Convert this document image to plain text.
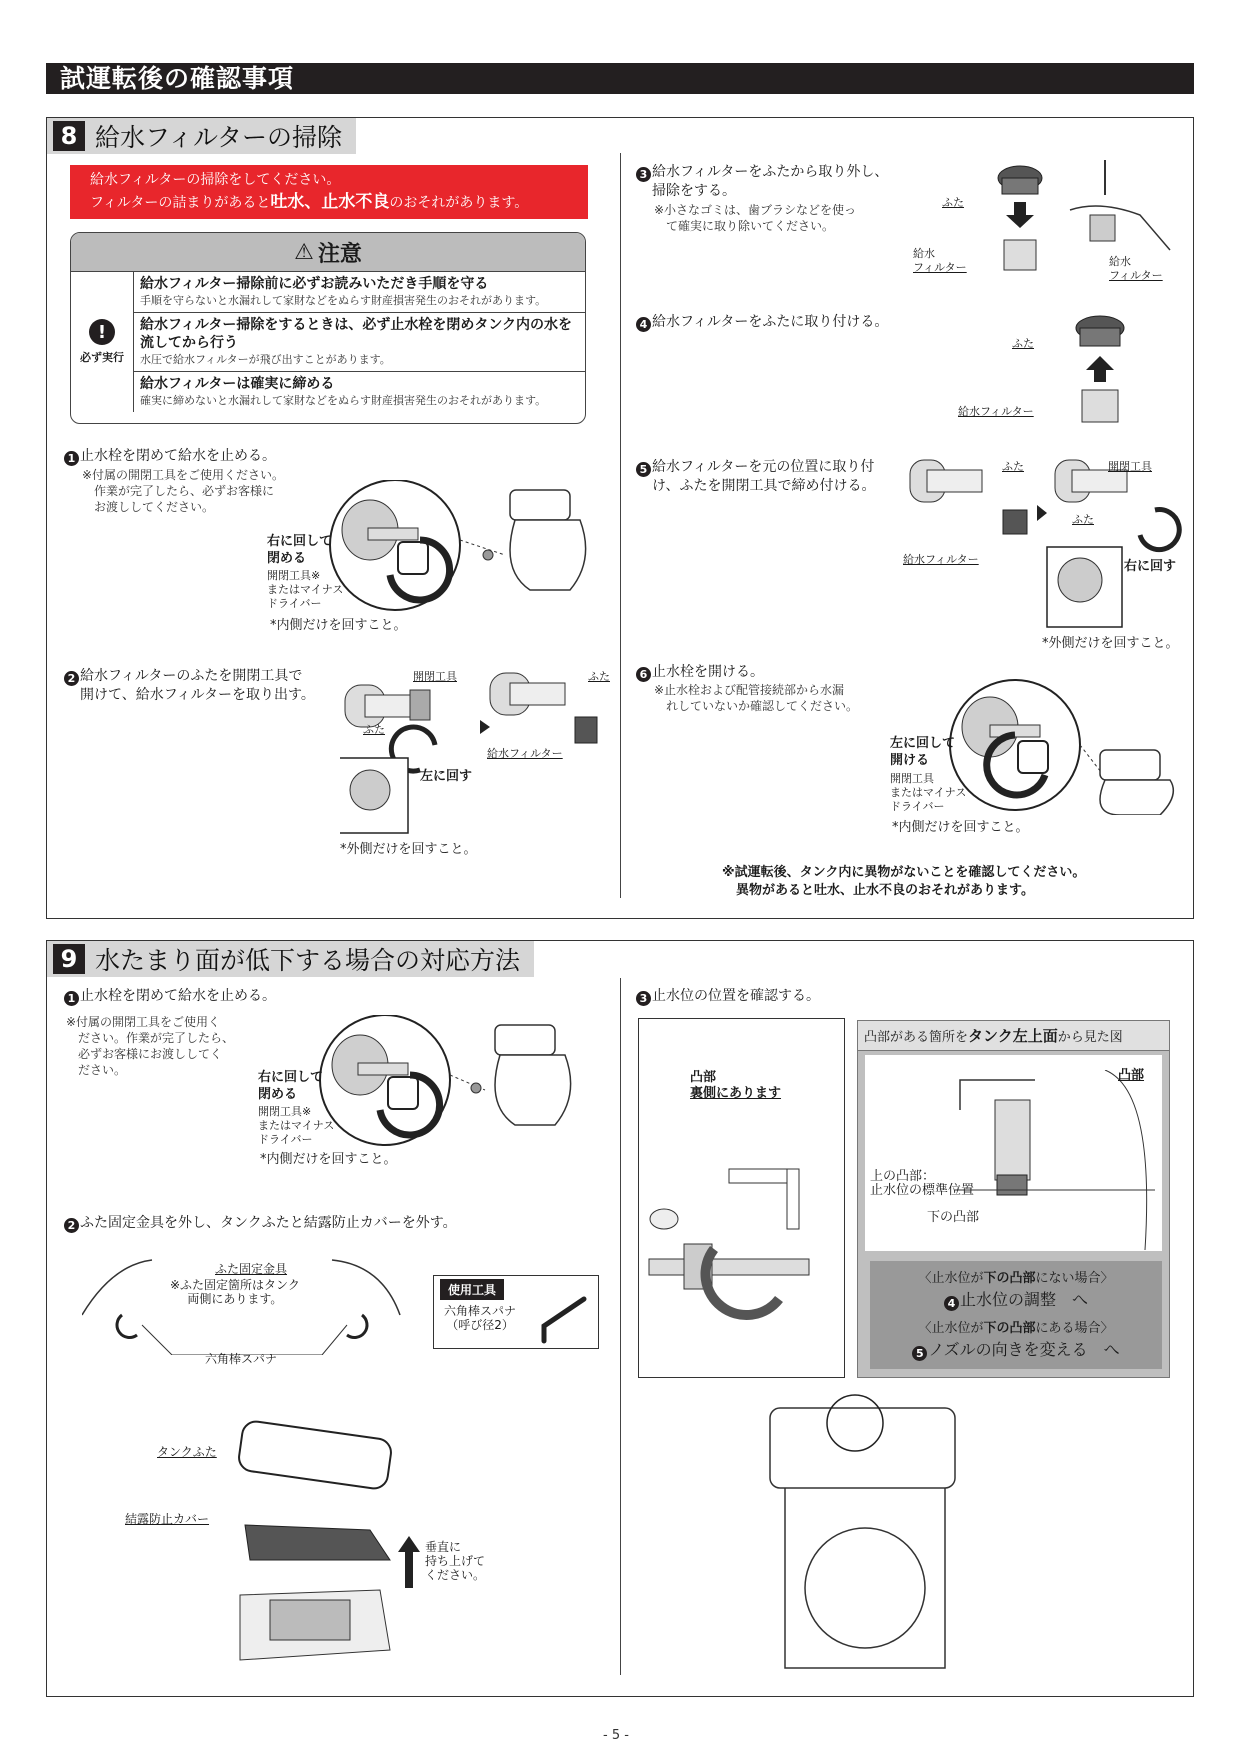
試運転後の確認事項
8 給水フィルターの掃除
給水フィルターの掃除をしてください。
フィルターの詰まりがあると吐水、止水不良のおそれがあります。
⚠ 注意
!
必ず実行
給水フィルター掃除前に必ずお読みいただき手順を守る
手順を守らないと水漏れして家財などをぬらす財産損害発生のおそれがあります。
給水フィルター掃除をするときは、必ず止水栓を閉めタンク内の水を流してから行う
水圧で給水フィルターが飛び出すことがあります。
給水フィルターは確実に締める
確実に締めないと水漏れして家財などをぬらす財産損害発生のおそれがあります。
1 止水栓を閉めて給水を止める。
※付属の開閉工具をご使用ください。
作業が完了したら、必ずお客様に
お渡ししてください。
右に回して
閉める
開閉工具※
またはマイナス
ドライバー
*内側だけを回すこと。
2 給水フィルターのふたを開閉工具で
開けて、給水フィルターを取り出す。
開閉工具
ふた
ふた
左に回す
給水フィルター
*外側だけを回すこと。
3 給水フィルターをふたから取り外し、
掃除をする。
※小さなゴミは、歯ブラシなどを使っ
て確実に取り除いてください。
ふた
給水
フィルター	給水
フィルター
4 給水フィルターをふたに取り付ける。
ふた
給水フィルター
5 給水フィルターを元の位置に取り付
け、ふたを開閉工具で締め付ける。
ふた	開閉工具
ふた
給水フィルター	右に回す
*外側だけを回すこと。
6 止水栓を開ける。
※止水栓および配管接続部から水漏
れしていないか確認してください。
左に回して
開ける
開閉工具
またはマイナス
ドライバー
*内側だけを回すこと。
※試運転後、タンク内に異物がないことを確認してください。
異物があると吐水、止水不良のおそれがあります。
9 水たまり面が低下する場合の対応方法
1 止水栓を閉めて給水を止める。
※付属の開閉工具をご使用く
ださい。作業が完了したら、
必ずお客様にお渡ししてく
ださい。	右に回して
閉める
開閉工具※
またはマイナス
ドライバー
*内側だけを回すこと。
2 ふた固定金具を外し、タンクふたと結露防止カバーを外す。
ふた固定金具
※ふた固定箇所はタンク
両側にあります。
六角棒スパナ
使用工具
六角棒スパナ
（呼び径2）
タンクふた
結露防止カバー
垂直に
持ち上げて
ください。
3 止水位の位置を確認する。
凸部
裏側にあります
凸部がある箇所をタンク左上面から見た図
〈止水位が下の凸部にない場合〉
4 止水位の調整　へ
〈止水位が下の凸部にある場合〉
5 ノズルの向きを変える　へ
凸部
上の凸部：
止水位の標準位置
下の凸部
- 5 -
